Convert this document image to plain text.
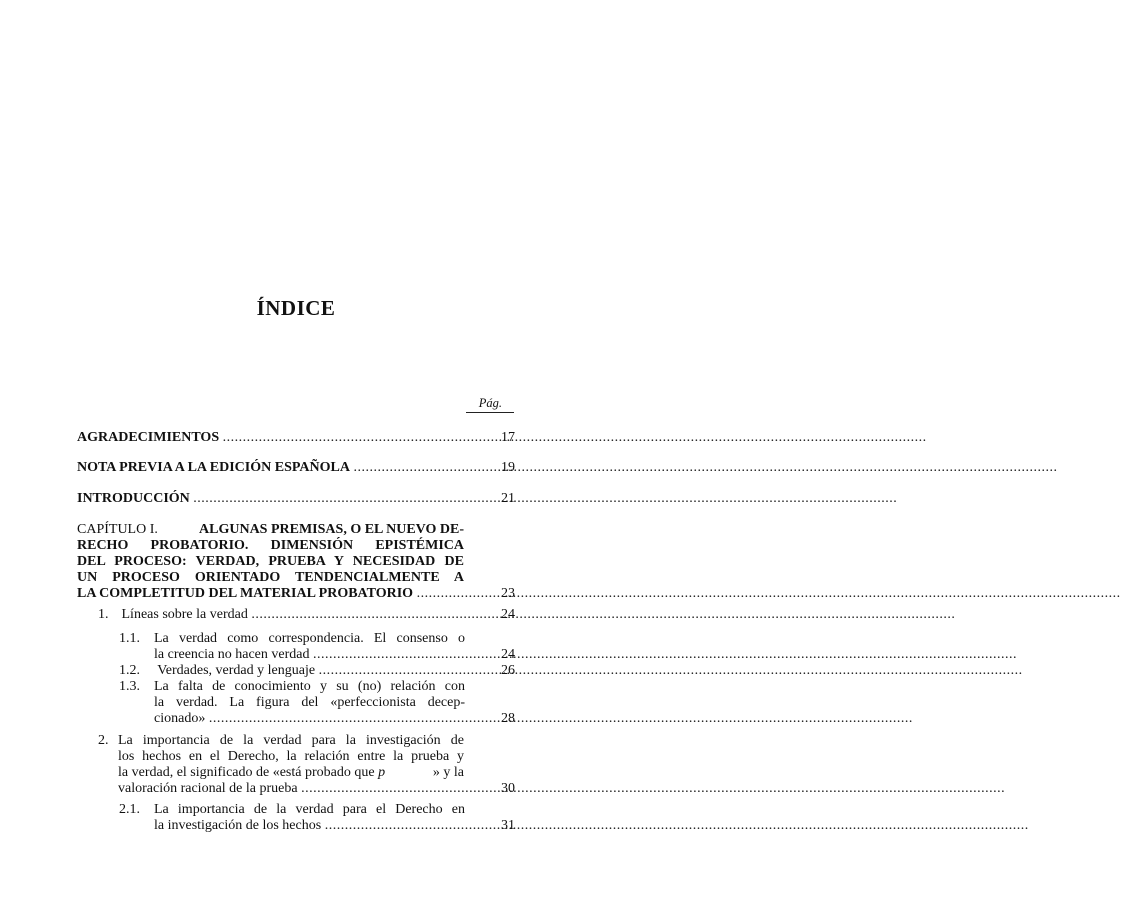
ÍNDICE
Pág.
AGRADECIMIENTOS .....	17
NOTA PREVIA A LA EDICIÓN ESPAÑOLA .....	19
INTRODUCCIÓN .....	21
CAPÍTULO I.	ALGUNAS PREMISAS, O EL NUEVO DE-
RECHO PROBATORIO. DIMENSIÓN EPISTÉMICA
DEL PROCESO: VERDAD, PRUEBA Y NECESIDAD DE
UN PROCESO ORIENTADO TENDENCIALMENTE A
LA COMPLETITUD DEL MATERIAL PROBATORIO .....	23
1. Líneas sobre la verdad .....	24
1.1.	La verdad como correspondencia. El consenso o
la creencia no hacen verdad .....	24
1.2. Verdades, verdad y lenguaje .....	26
1.3.	La falta de conocimiento y su (no) relación con
la verdad. La figura del «perfeccionista decep-
cionado» .....	28
2. La importancia de la verdad para la investigación de
los hechos en el Derecho, la relación entre la prueba y
la verdad, el significado de «está probado que p	» y la
valoración racional de la prueba .....	30
2.1.	La importancia de la verdad para el Derecho en
la investigación de los hechos .....	31
